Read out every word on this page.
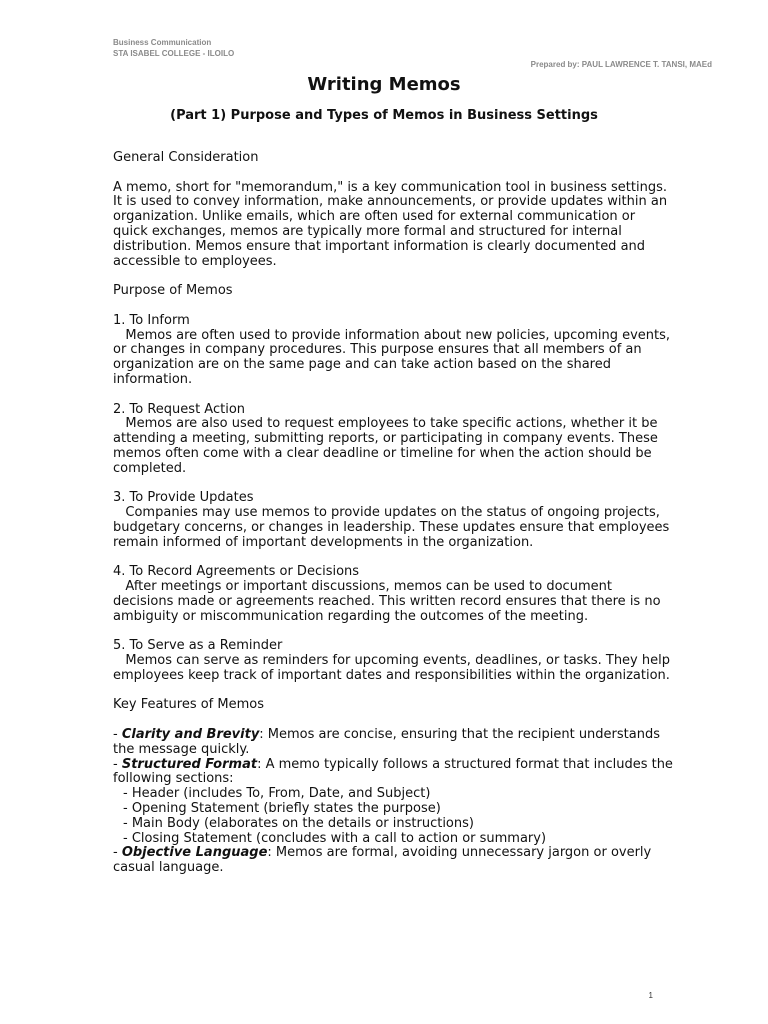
Business Communication
STA ISABEL COLLEGE - ILOILO
Prepared by: PAUL LAWRENCE T. TANSI, MAEd
Writing Memos
(Part 1) Purpose and Types of Memos in Business Settings
General Consideration
A memo, short for "memorandum," is a key communication tool in business settings. It is used to convey information, make announcements, or provide updates within an organization. Unlike emails, which are often used for external communication or quick exchanges, memos are typically more formal and structured for internal distribution. Memos ensure that important information is clearly documented and accessible to employees.
Purpose of Memos
1. To Inform
Memos are often used to provide information about new policies, upcoming events, or changes in company procedures. This purpose ensures that all members of an organization are on the same page and can take action based on the shared information.
2. To Request Action
Memos are also used to request employees to take specific actions, whether it be attending a meeting, submitting reports, or participating in company events. These memos often come with a clear deadline or timeline for when the action should be completed.
3. To Provide Updates
Companies may use memos to provide updates on the status of ongoing projects, budgetary concerns, or changes in leadership. These updates ensure that employees remain informed of important developments in the organization.
4. To Record Agreements or Decisions
After meetings or important discussions, memos can be used to document decisions made or agreements reached. This written record ensures that there is no ambiguity or miscommunication regarding the outcomes of the meeting.
5. To Serve as a Reminder
Memos can serve as reminders for upcoming events, deadlines, or tasks. They help employees keep track of important dates and responsibilities within the organization.
Key Features of Memos
- Clarity and Brevity: Memos are concise, ensuring that the recipient understands the message quickly.
- Structured Format: A memo typically follows a structured format that includes the following sections:
- Header (includes To, From, Date, and Subject)
- Opening Statement (briefly states the purpose)
- Main Body (elaborates on the details or instructions)
- Closing Statement (concludes with a call to action or summary)
- Objective Language: Memos are formal, avoiding unnecessary jargon or overly casual language.
1
